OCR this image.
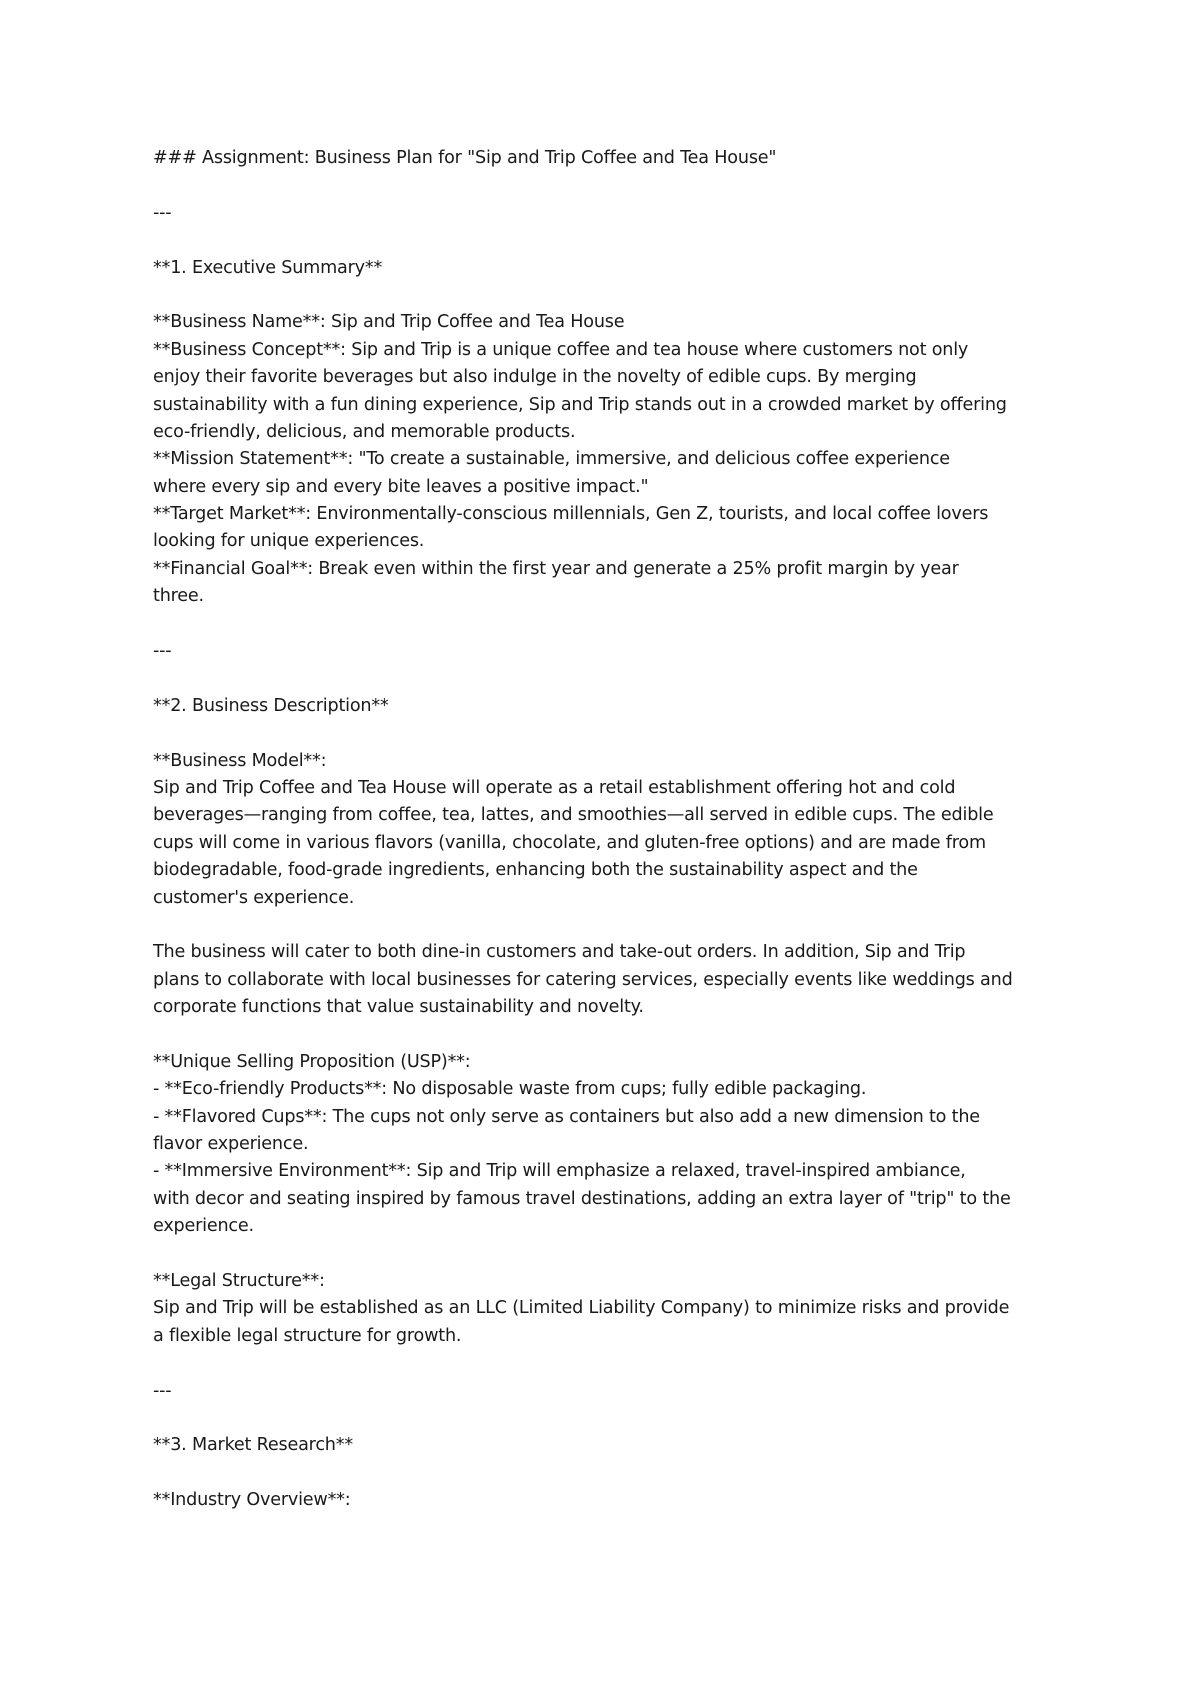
### Assignment: Business Plan for "Sip and Trip Coffee and Tea House"
---
**1. Executive Summary**
**Business Name**: Sip and Trip Coffee and Tea House
**Business Concept**: Sip and Trip is a unique coffee and tea house where customers not only
enjoy their favorite beverages but also indulge in the novelty of edible cups. By merging
sustainability with a fun dining experience, Sip and Trip stands out in a crowded market by offering
eco-friendly, delicious, and memorable products.
**Mission Statement**: "To create a sustainable, immersive, and delicious coffee experience
where every sip and every bite leaves a positive impact."
**Target Market**: Environmentally-conscious millennials, Gen Z, tourists, and local coffee lovers
looking for unique experiences.
**Financial Goal**: Break even within the first year and generate a 25% profit margin by year
three.
---
**2. Business Description**
**Business Model**:
Sip and Trip Coffee and Tea House will operate as a retail establishment offering hot and cold
beverages—ranging from coffee, tea, lattes, and smoothies—all served in edible cups. The edible
cups will come in various flavors (vanilla, chocolate, and gluten-free options) and are made from
biodegradable, food-grade ingredients, enhancing both the sustainability aspect and the
customer's experience.
The business will cater to both dine-in customers and take-out orders. In addition, Sip and Trip
plans to collaborate with local businesses for catering services, especially events like weddings and
corporate functions that value sustainability and novelty.
**Unique Selling Proposition (USP)**:
- **Eco-friendly Products**: No disposable waste from cups; fully edible packaging.
- **Flavored Cups**: The cups not only serve as containers but also add a new dimension to the
flavor experience.
- **Immersive Environment**: Sip and Trip will emphasize a relaxed, travel-inspired ambiance,
with decor and seating inspired by famous travel destinations, adding an extra layer of "trip" to the
experience.
**Legal Structure**:
Sip and Trip will be established as an LLC (Limited Liability Company) to minimize risks and provide
a flexible legal structure for growth.
---
**3. Market Research**
**Industry Overview**:
